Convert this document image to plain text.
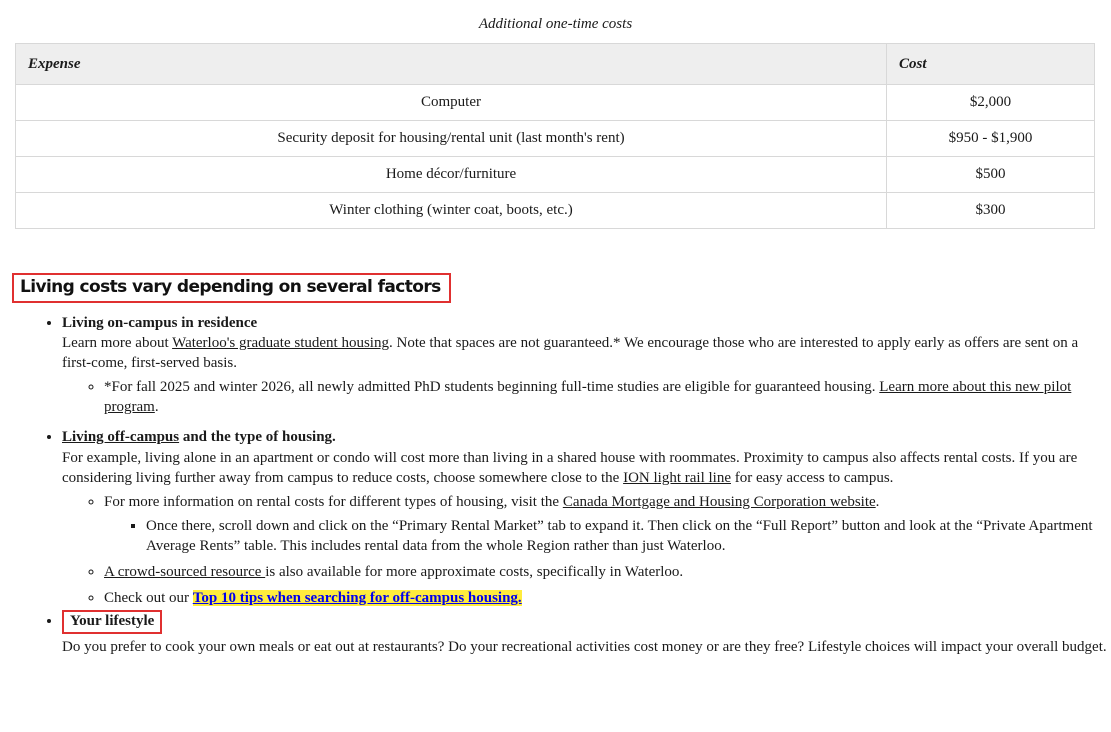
Additional one-time costs
Expense	Cost
Computer	$2,000
Security deposit for housing/rental unit (last month's rent)	$950 - $1,900
Home décor/furniture	$500
Winter clothing (winter coat, boots, etc.)	$300
Living costs vary depending on several factors

• Living on-campus in residence

Learn more about Waterloo's graduate student housing. Note that spaces are not guaranteed.* We encourage those who are interested to apply early as offers are sent on a first-come, first-served basis.

◦ *For fall 2025 and winter 2026, all newly admitted PhD students beginning full-time studies are eligible for guaranteed housing. Learn more about this new pilot program.

• Living off-campus and the type of housing.

For example, living alone in an apartment or condo will cost more than living in a shared house with roommates. Proximity to campus also affects rental costs. If you are considering living further away from campus to reduce costs, choose somewhere close to the ION light rail line for easy access to campus.

◦ For more information on rental costs for different types of housing, visit the Canada Mortgage and Housing Corporation website.

▪ Once there, scroll down and click on the “Primary Rental Market” tab to expand it. Then click on the “Full Report” button and look at the “Private Apartment Average Rents” table. This includes rental data from the whole Region rather than just Waterloo.

◦ A crowd-sourced resource is also available for more approximate costs, specifically in Waterloo.

◦ Check out our Top 10 tips when searching for off-campus housing.

• Your lifestyle

Do you prefer to cook your own meals or eat out at restaurants? Do your recreational activities cost money or are they free? Lifestyle choices will impact your overall budget.
